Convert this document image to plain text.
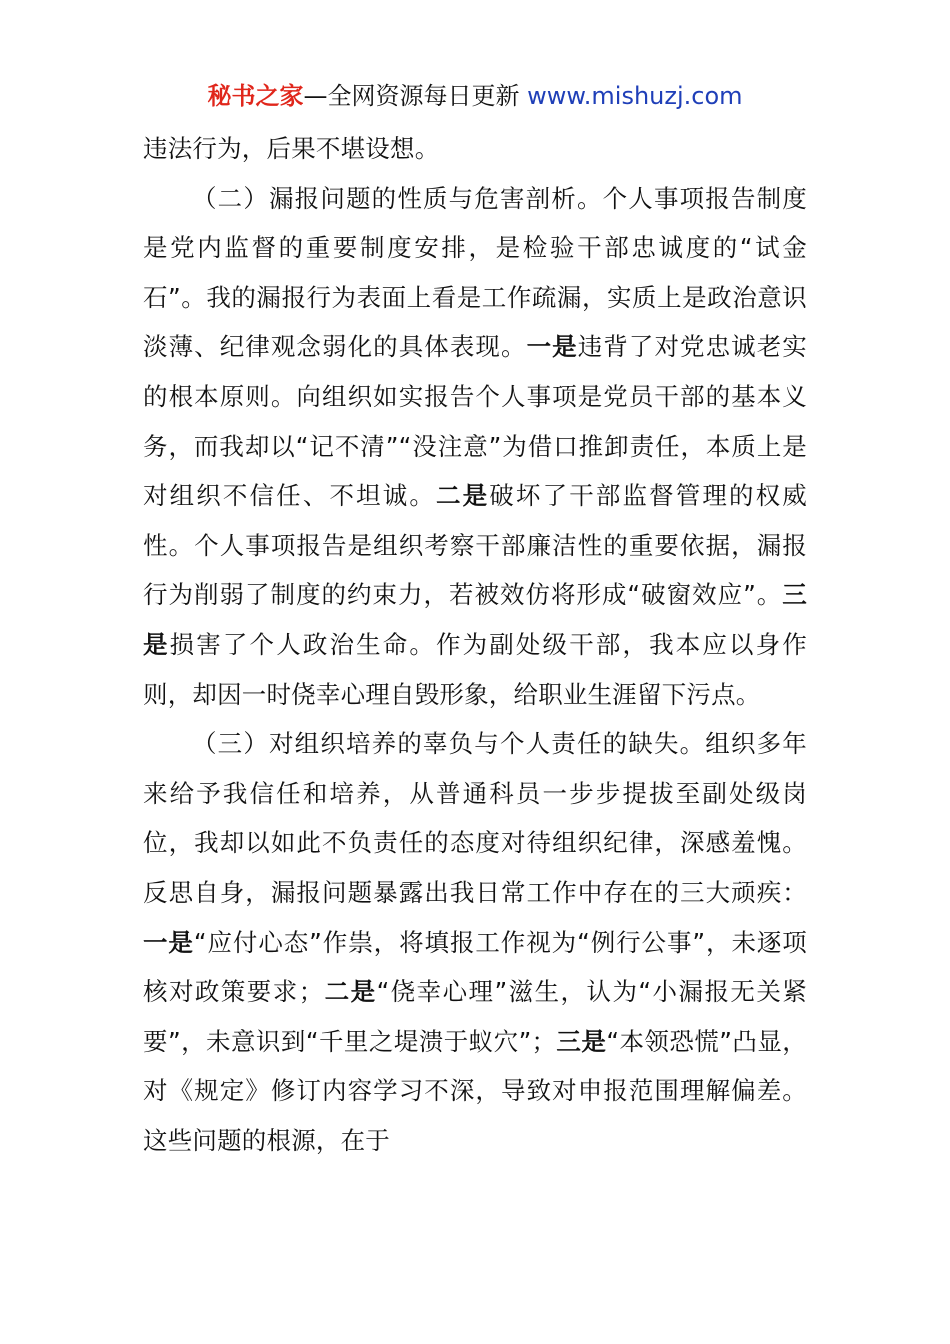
秘书之家—全网资源每日更新 www.mishuzj.com

违法行为，后果不堪设想。

（二）漏报问题的性质与危害剖析。个人事项报告制度是党内监督的重要制度安排，是检验干部忠诚度的“试金石”。我的漏报行为表面上看是工作疏漏，实质上是政治意识淡薄、纪律观念弱化的具体表现。一是违背了对党忠诚老实的根本原则。向组织如实报告个人事项是党员干部的基本义务，而我却以“记不清”“没注意”为借口推卸责任，本质上是对组织不信任、不坦诚。二是破坏了干部监督管理的权威性。个人事项报告是组织考察干部廉洁性的重要依据，漏报行为削弱了制度的约束力，若被效仿将形成“破窗效应”。三是损害了个人政治生命。作为副处级干部，我本应以身作则，却因一时侥幸心理自毁形象，给职业生涯留下污点。

（三）对组织培养的辜负与个人责任的缺失。组织多年来给予我信任和培养，从普通科员一步步提拔至副处级岗位，我却以如此不负责任的态度对待组织纪律，深感羞愧。反思自身，漏报问题暴露出我日常工作中存在的三大顽疾：一是“应付心态”作祟，将填报工作视为“例行公事”，未逐项核对政策要求；二是“侥幸心理”滋生，认为“小漏报无关紧要”，未意识到“千里之堤溃于蚁穴”；三是“本领恐慌”凸显，对《规定》修订内容学习不深，导致对申报范围理解偏差。这些问题的根源，在于
